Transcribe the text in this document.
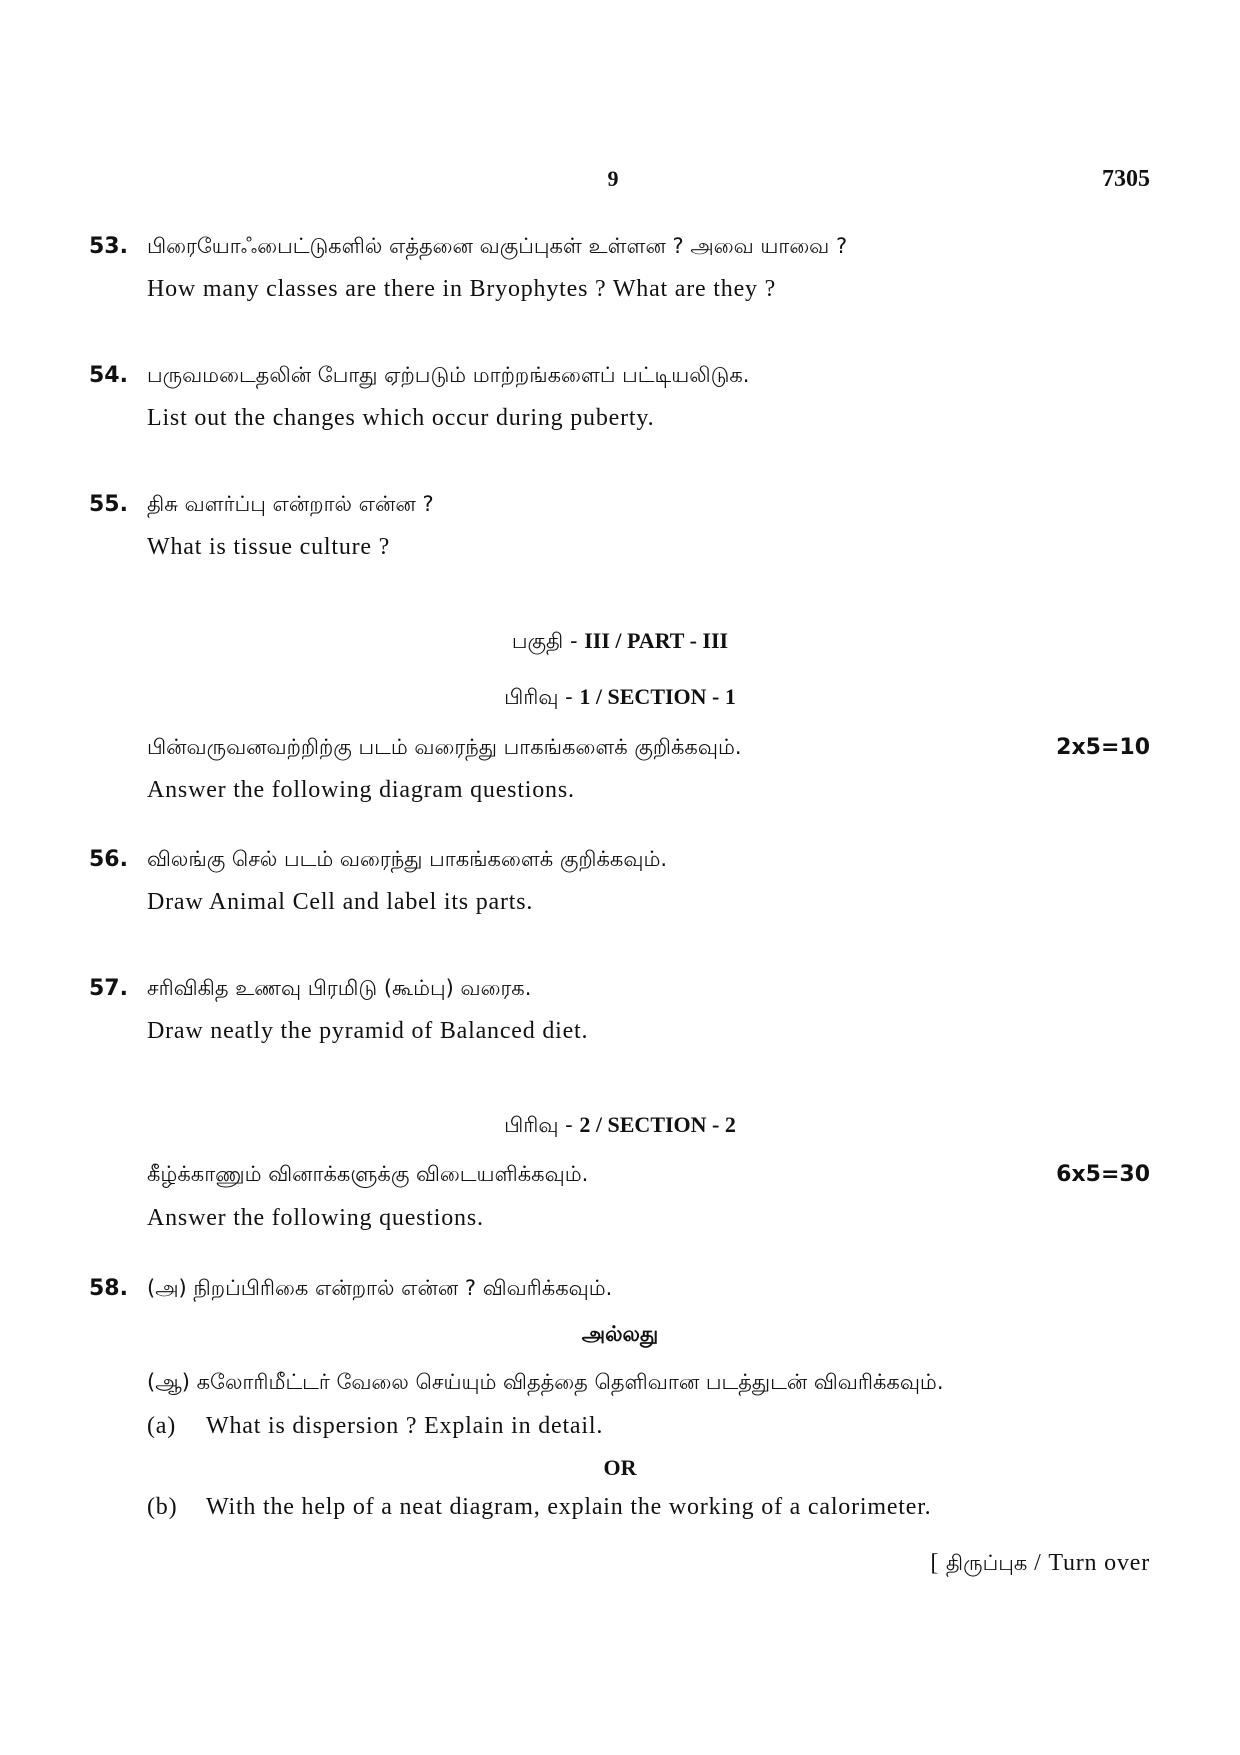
9	7305
53. பிரையோஃபைட்டுகளில் எத்தனை வகுப்புகள் உள்ளன ? அவை யாவை ?
How many classes are there in Bryophytes ? What are they ?
54. பருவமடைதலின் போது ஏற்படும் மாற்றங்களைப் பட்டியலிடுக.
List out the changes which occur during puberty.
55. திசு வளர்ப்பு என்றால் என்ன ?
What is tissue culture ?
பகுதி - III / PART - III
பிரிவு - 1 / SECTION - 1
பின்வருவனவற்றிற்கு படம் வரைந்து பாகங்களைக் குறிக்கவும்.	2x5=10
Answer the following diagram questions.
56. விலங்கு செல் படம் வரைந்து பாகங்களைக் குறிக்கவும்.
Draw Animal Cell and label its parts.
57. சரிவிகித உணவு பிரமிடு (கூம்பு) வரைக.
Draw neatly the pyramid of Balanced diet.
பிரிவு - 2 / SECTION - 2
கீழ்க்காணும் வினாக்களுக்கு விடையளிக்கவும்.	6x5=30
Answer the following questions.
58. (அ) நிறப்பிரிகை என்றால் என்ன ? விவரிக்கவும்.
அல்லது
(ஆ) கலோரிமீட்டர் வேலை செய்யும் விதத்தை தெளிவான படத்துடன் விவரிக்கவும்.
(a) What is dispersion ? Explain in detail.
OR
(b) With the help of a neat diagram, explain the working of a calorimeter.
[ திருப்புக / Turn over
